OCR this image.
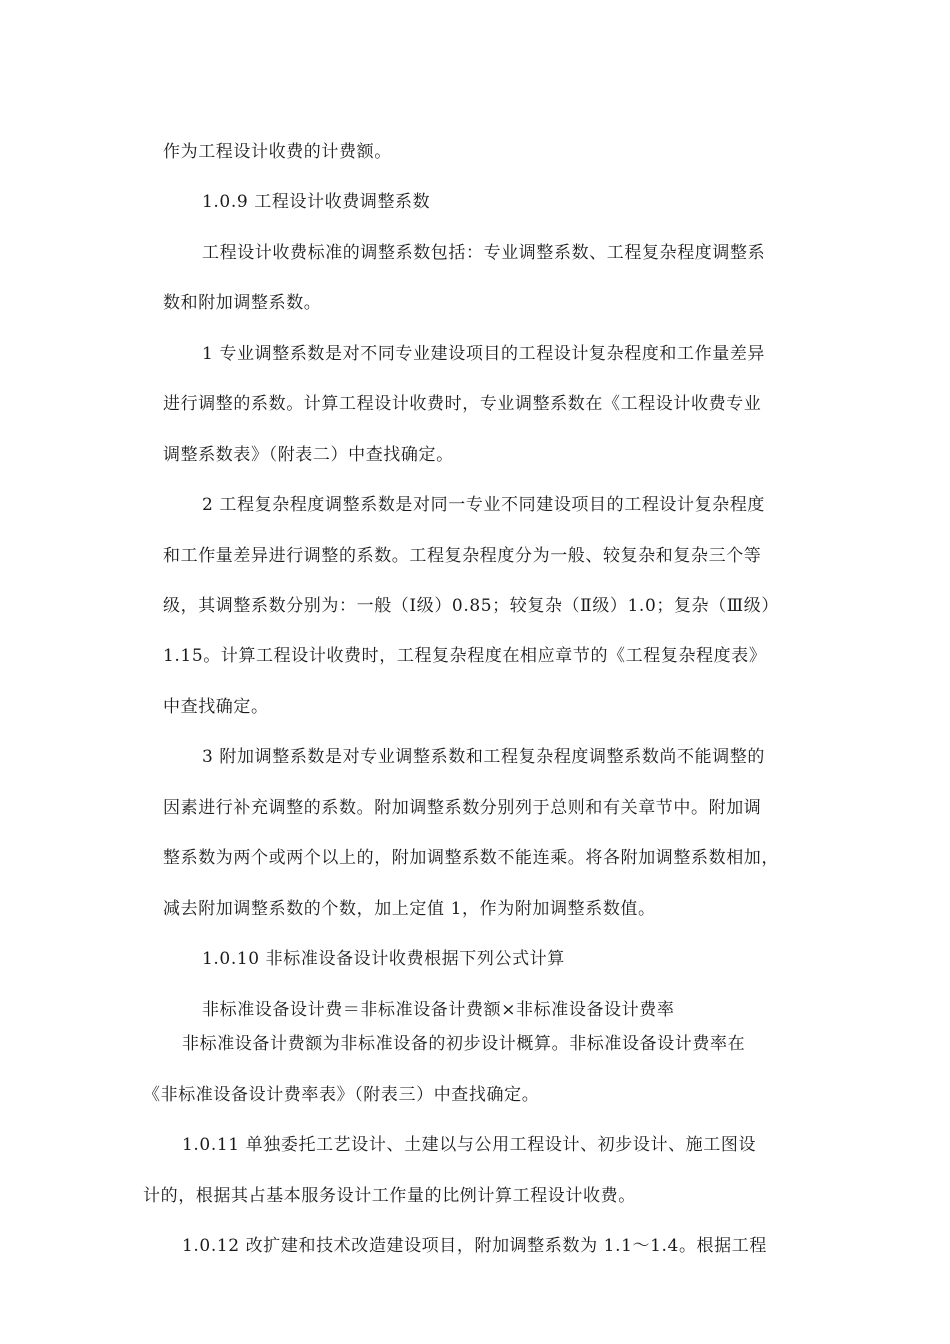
作为工程设计收费的计费额。
1.0.9 工程设计收费调整系数
工程设计收费标准的调整系数包括：专业调整系数、工程复杂程度调整系
数和附加调整系数。
1 专业调整系数是对不同专业建设项目的工程设计复杂程度和工作量差异
进行调整的系数。计算工程设计收费时，专业调整系数在《工程设计收费专业
调整系数表》（附表二）中查找确定。
2 工程复杂程度调整系数是对同一专业不同建设项目的工程设计复杂程度
和工作量差异进行调整的系数。工程复杂程度分为一般、较复杂和复杂三个等
级，其调整系数分别为：一般（Ⅰ级）0.85；较复杂（Ⅱ级）1.0；复杂（Ⅲ级）
1.15。计算工程设计收费时，工程复杂程度在相应章节的《工程复杂程度表》
中查找确定。
3 附加调整系数是对专业调整系数和工程复杂程度调整系数尚不能调整的
因素进行补充调整的系数。附加调整系数分别列于总则和有关章节中。附加调
整系数为两个或两个以上的，附加调整系数不能连乘。将各附加调整系数相加，
减去附加调整系数的个数，加上定值 1，作为附加调整系数值。
1.0.10 非标准设备设计收费根据下列公式计算
非标准设备设计费＝非标准设备计费额×非标准设备设计费率
非标准设备计费额为非标准设备的初步设计概算。非标准设备设计费率在
《非标准设备设计费率表》（附表三）中查找确定。
1.0.11 单独委托工艺设计、土建以与公用工程设计、初步设计、施工图设
计的，根据其占基本服务设计工作量的比例计算工程设计收费。
1.0.12 改扩建和技术改造建设项目，附加调整系数为 1.1～1.4。根据工程
